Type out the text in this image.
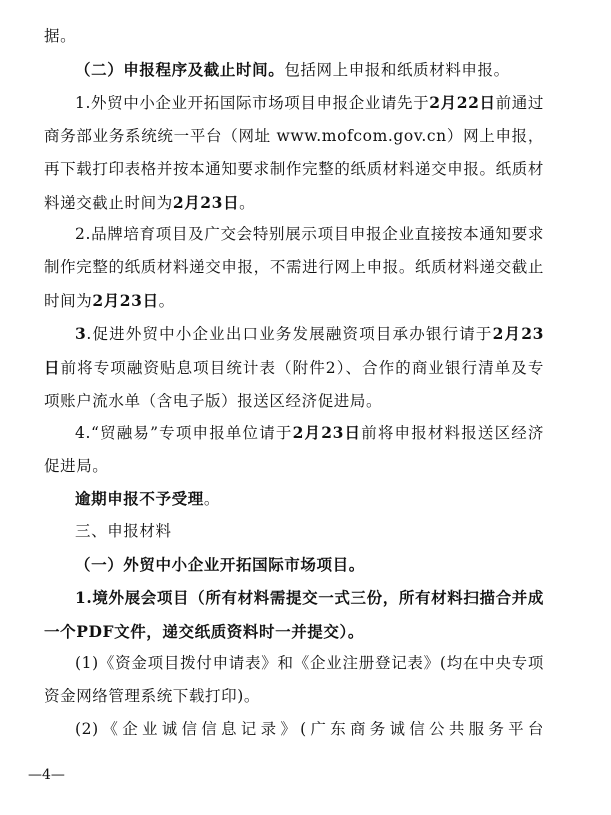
据。

（二）申报程序及截止时间。包括网上申报和纸质材料申报。

1.外贸中小企业开拓国际市场项目申报企业请先于2月22日前通过商务部业务系统统一平台（网址 www.mofcom.gov.cn）网上申报，再下载打印表格并按本通知要求制作完整的纸质材料递交申报。纸质材料递交截止时间为2月23日。

2.品牌培育项目及广交会特别展示项目申报企业直接按本通知要求制作完整的纸质材料递交申报，不需进行网上申报。纸质材料递交截止时间为2月23日。

3.促进外贸中小企业出口业务发展融资项目承办银行请于2月23日前将专项融资贴息项目统计表（附件2）、合作的商业银行清单及专项账户流水单（含电子版）报送区经济促进局。

4.“贸融易”专项申报单位请于2月23日前将申报材料报送区经济促进局。

逾期申报不予受理。

三、申报材料

（一）外贸中小企业开拓国际市场项目。

1.境外展会项目（所有材料需提交一式三份，所有材料扫描合并成一个PDF文件，递交纸质资料时一并提交）。

(1)《资金项目拨付申请表》和《企业注册登记表》(均在中央专项资金网络管理系统下载打印)。

(2)《企业诚信信息记录》(广东商务诚信公共服务平台

—4—
